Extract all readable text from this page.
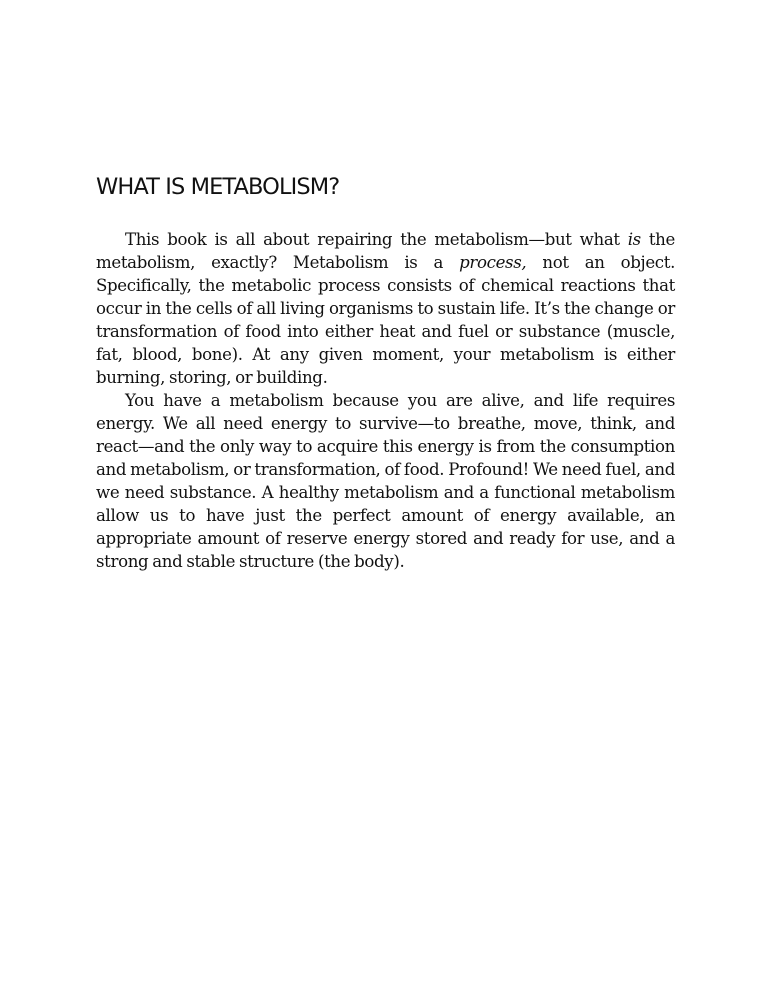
WHAT IS METABOLISM?

This book is all about repairing the metabolism—but what is the metabolism, exactly? Metabolism is a process, not an object. Specifically, the metabolic process consists of chemical reactions that occur in the cells of all living organisms to sustain life. It’s the change or transformation of food into either heat and fuel or substance (muscle, fat, blood, bone). At any given moment, your metabolism is either burning, storing, or building.

You have a metabolism because you are alive, and life requires energy. We all need energy to survive—to breathe, move, think, and react—and the only way to acquire this energy is from the consumption and metabolism, or transformation, of food. Profound! We need fuel, and we need substance. A healthy metabolism and a functional metabolism allow us to have just the perfect amount of energy available, an appropriate amount of reserve energy stored and ready for use, and a strong and stable structure (the body).
